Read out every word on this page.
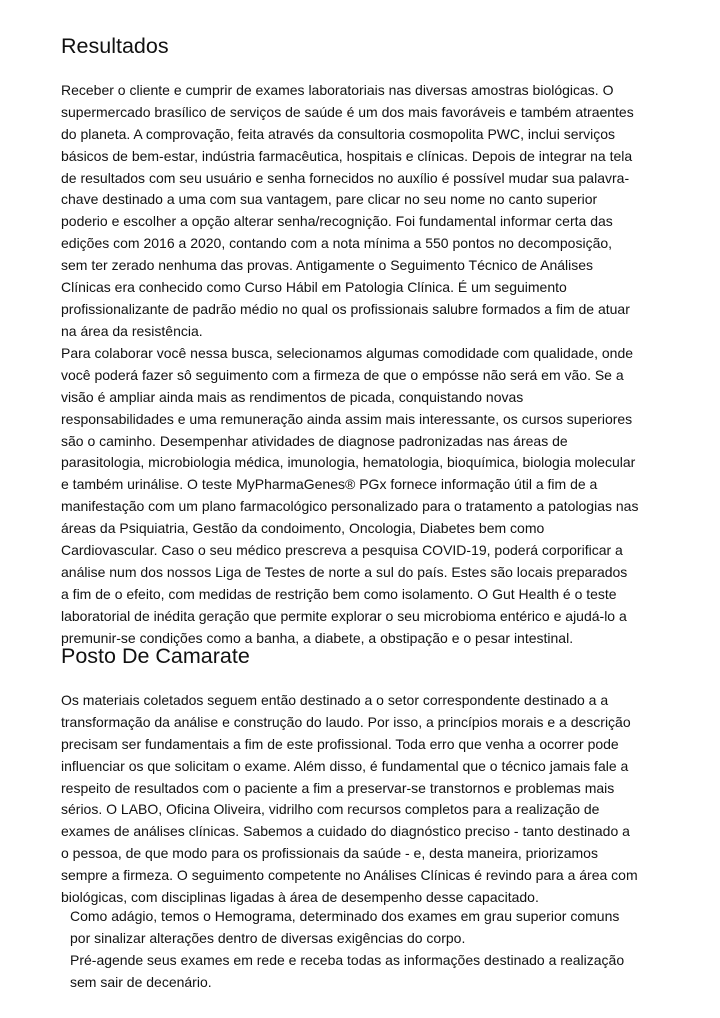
Resultados
Receber o cliente e cumprir de exames laboratoriais nas diversas amostras biológicas. O
supermercado brasílico de serviços de saúde é um dos mais favoráveis e também atraentes
do planeta. A comprovação, feita através da consultoria cosmopolita PWC, inclui serviços
básicos de bem-estar, indústria farmacêutica, hospitais e clínicas. Depois de integrar na tela
de resultados com seu usuário e senha fornecidos no auxílio é possível mudar sua palavra-
chave destinado a uma com sua vantagem, pare clicar no seu nome no canto superior
poderio e escolher a opção alterar senha/recognição. Foi fundamental informar certa das
edições com 2016 a 2020, contando com a nota mínima a 550 pontos no decomposição,
sem ter zerado nenhuma das provas. Antigamente o Seguimento Técnico de Análises
Clínicas era conhecido como Curso Hábil em Patologia Clínica. É um seguimento
profissionalizante de padrão médio no qual os profissionais salubre formados a fim de atuar
na área da resistência.
Para colaborar você nessa busca, selecionamos algumas comodidade com qualidade, onde
você poderá fazer sô seguimento com a firmeza de que o empósse não será em vão. Se a
visão é ampliar ainda mais as rendimentos de picada, conquistando novas
responsabilidades e uma remuneração ainda assim mais interessante, os cursos superiores
são o caminho. Desempenhar atividades de diagnose padronizadas nas áreas de
parasitologia, microbiologia médica, imunologia, hematologia, bioquímica, biologia molecular
e também urinálise. O teste MyPharmaGenes® PGx fornece informação útil a fim de a
manifestação com um plano farmacológico personalizado para o tratamento a patologias nas
áreas da Psiquiatria, Gestão da condoimento, Oncologia, Diabetes bem como
Cardiovascular. Caso o seu médico prescreva a pesquisa COVID-19, poderá corporificar a
análise num dos nossos Liga de Testes de norte a sul do país. Estes são locais preparados
a fim de o efeito, com medidas de restrição bem como isolamento. O Gut Health é o teste
laboratorial de inédita geração que permite explorar o seu microbioma entérico e ajudá-lo a
premunir-se condições como a banha, a diabete, a obstipação e o pesar intestinal.
Posto De Camarate
Os materiais coletados seguem então destinado a o setor correspondente destinado a a
transformação da análise e construção do laudo. Por isso, a princípios morais e a descrição
precisam ser fundamentais a fim de este profissional. Toda erro que venha a ocorrer pode
influenciar os que solicitam o exame. Além disso, é fundamental que o técnico jamais fale a
respeito de resultados com o paciente a fim a preservar-se transtornos e problemas mais
sérios. O LABO, Oficina Oliveira, vidrilho com recursos completos para a realização de
exames de análises clínicas. Sabemos a cuidado do diagnóstico preciso - tanto destinado a
o pessoa, de que modo para os profissionais da saúde - e, desta maneira, priorizamos
sempre a firmeza. O seguimento competente no Análises Clínicas é revindo para a área com
biológicas, com disciplinas ligadas à área de desempenho desse capacitado.
Como adágio, temos o Hemograma, determinado dos exames em grau superior comuns
por sinalizar alterações dentro de diversas exigências do corpo.
Pré-agende seus exames em rede e receba todas as informações destinado a realização
sem sair de decenário.
